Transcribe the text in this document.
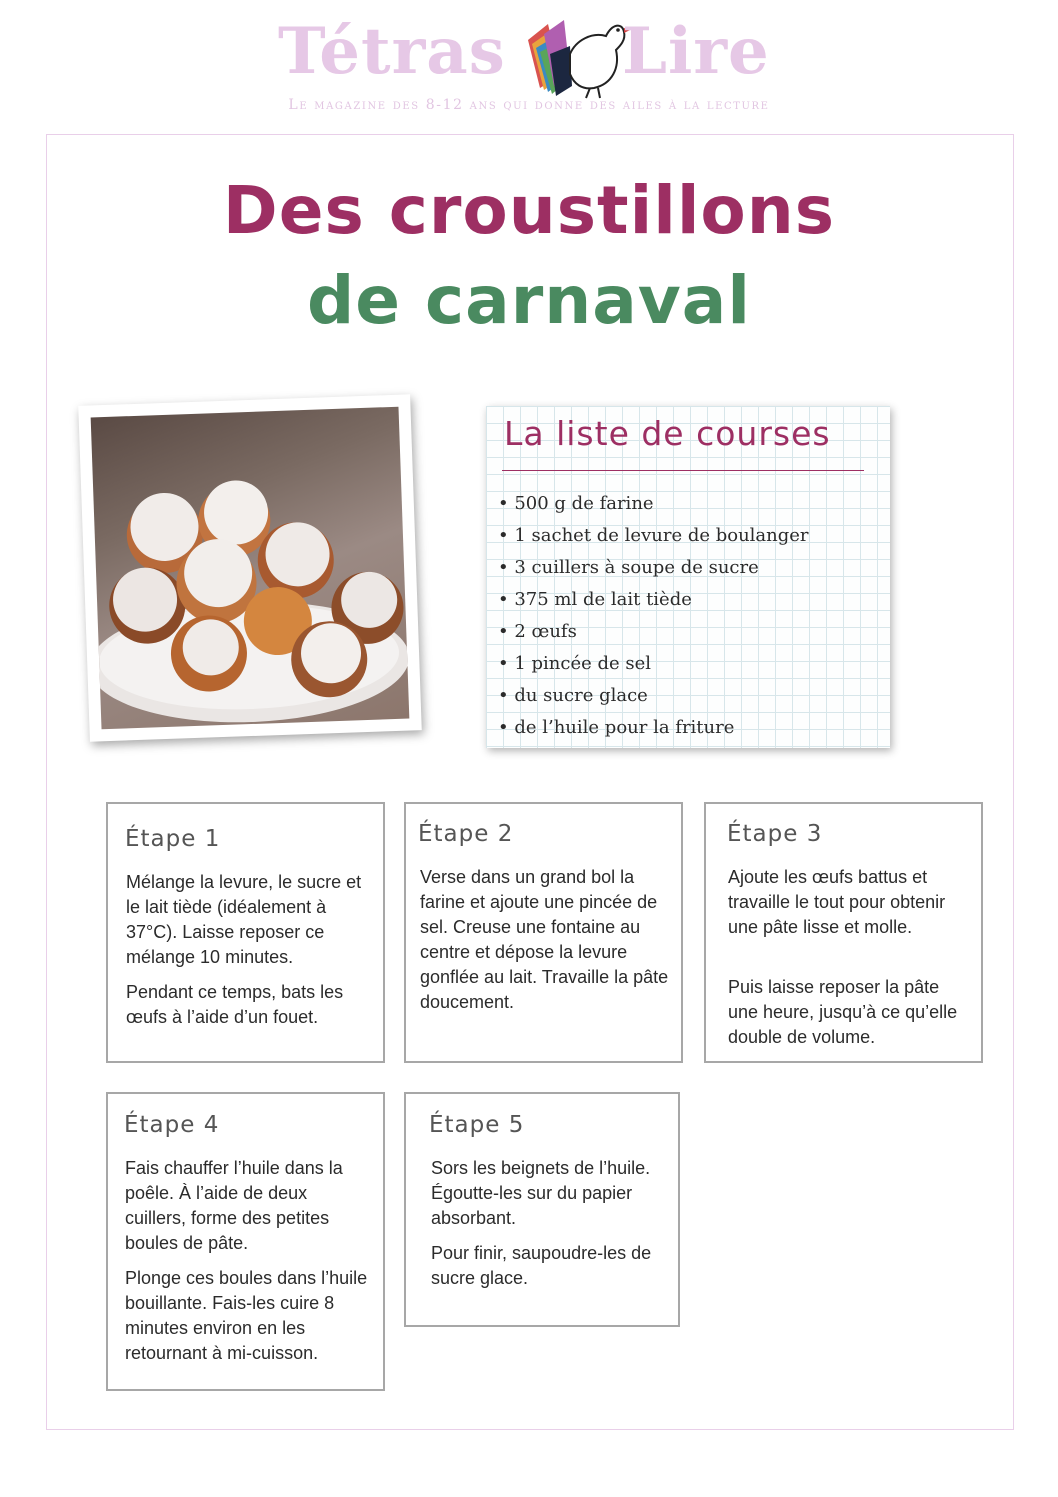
Tétras Lire
Le magazine des 8-12 ans qui donne des ailes à la lecture
Des croustillons
de carnaval
La liste de courses
• 500 g de farine
• 1 sachet de levure de boulanger
• 3 cuillers à soupe de sucre
• 375 ml de lait tiède
• 2 œufs
• 1 pincée de sel
• du sucre glace
• de l’huile pour la friture
Étape 1

Mélange la levure, le sucre et le lait tiède (idéalement à 37°C). Laisse reposer ce mélange 10 minutes.

Pendant ce temps, bats les œufs à l’aide d’un fouet.

Étape 2

Verse dans un grand bol la farine et ajoute une pincée de sel. Creuse une fontaine au centre et dépose la levure gonflée au lait. Travaille la pâte doucement.

Étape 3

Ajoute les œufs battus et travaille le tout pour obtenir une pâte lisse et molle.

Puis laisse reposer la pâte une heure, jusqu’à ce qu’elle double de volume.

Étape 4

Fais chauffer l’huile dans la poêle. À l’aide de deux cuillers, forme des petites boules de pâte.

Plonge ces boules dans l’huile bouillante. Fais-les cuire 8 minutes environ en les retournant à mi-cuisson.

Étape 5

Sors les beignets de l’huile. Égoutte-les sur du papier absorbant.

Pour finir, saupoudre-les de sucre glace.
